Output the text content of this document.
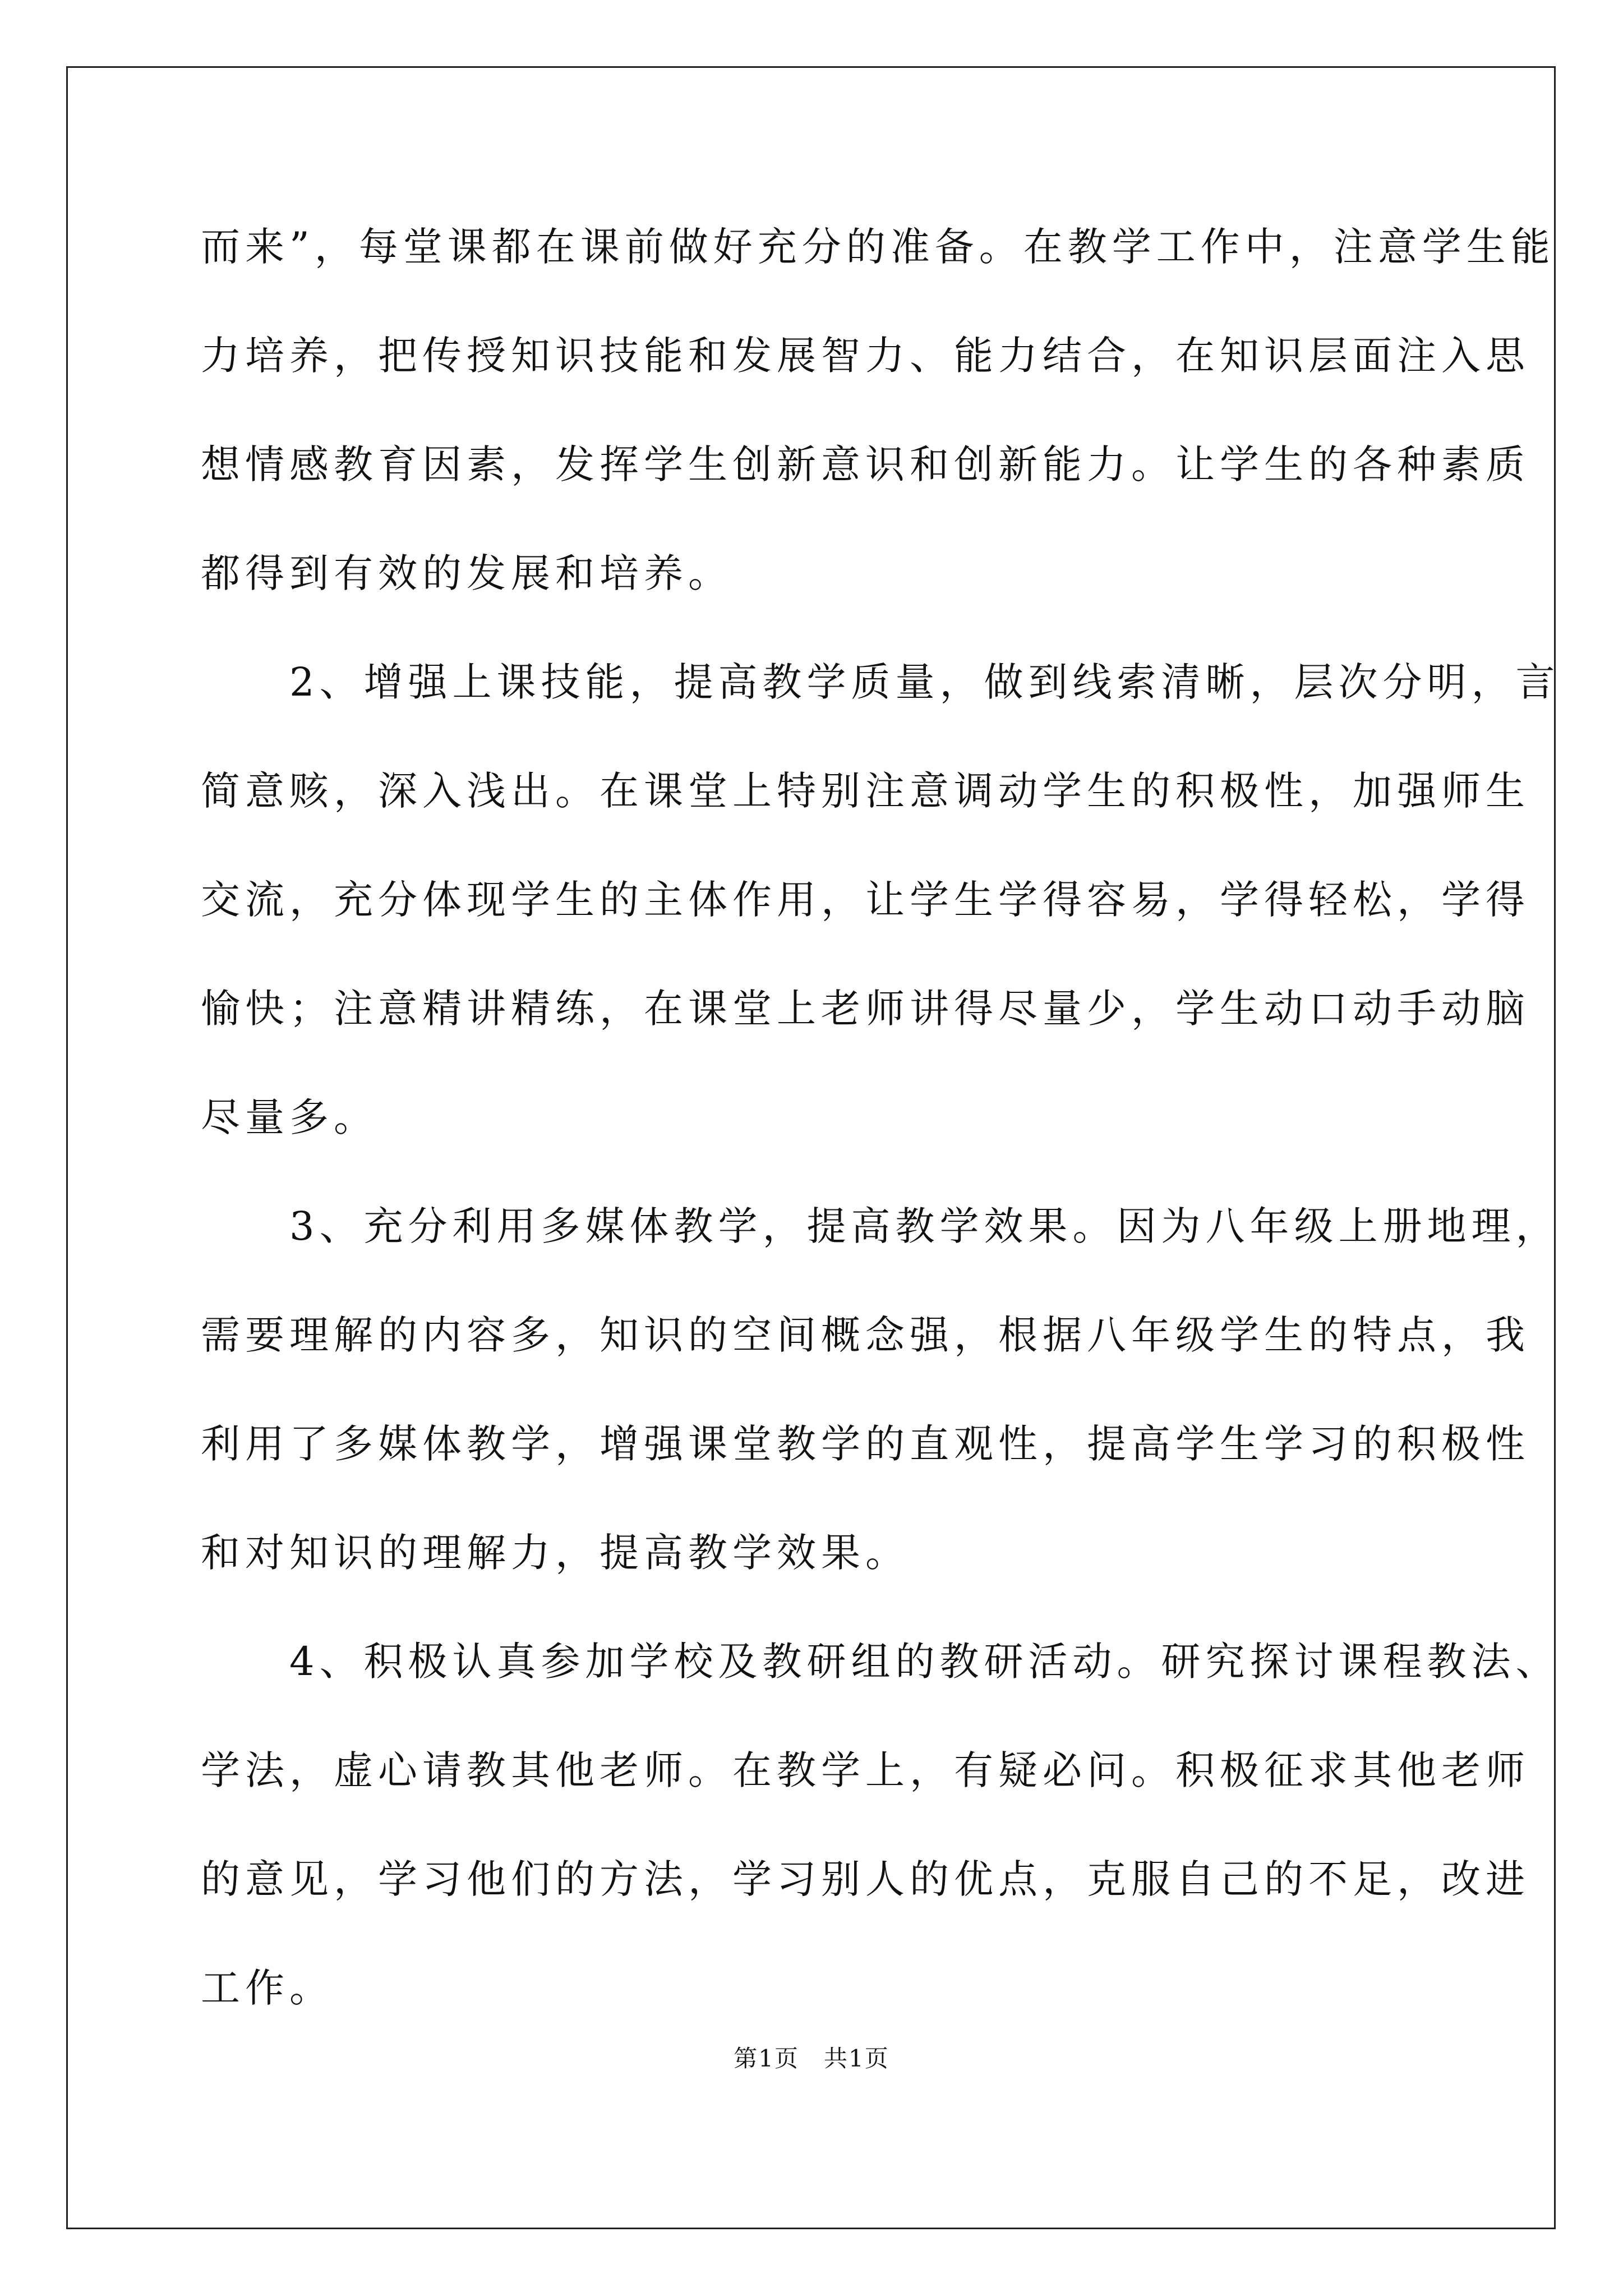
而来”，每堂课都在课前做好充分的准备。在教学工作中，注意学生能
力培养，把传授知识技能和发展智力、能力结合，在知识层面注入思
想情感教育因素，发挥学生创新意识和创新能力。让学生的各种素质
都得到有效的发展和培养。
　　2、增强上课技能，提高教学质量，做到线索清晰，层次分明，言
简意赅，深入浅出。在课堂上特别注意调动学生的积极性，加强师生
交流，充分体现学生的主体作用，让学生学得容易，学得轻松，学得
愉快；注意精讲精练，在课堂上老师讲得尽量少，学生动口动手动脑
尽量多。
　　3、充分利用多媒体教学，提高教学效果。因为八年级上册地理，
需要理解的内容多，知识的空间概念强，根据八年级学生的特点，我
利用了多媒体教学，增强课堂教学的直观性，提高学生学习的积极性
和对知识的理解力，提高教学效果。
　　4、积极认真参加学校及教研组的教研活动。研究探讨课程教法、
学法，虚心请教其他老师。在教学上，有疑必问。积极征求其他老师
的意见，学习他们的方法，学习别人的优点，克服自己的不足，改进
工作。
第1页　共1页
